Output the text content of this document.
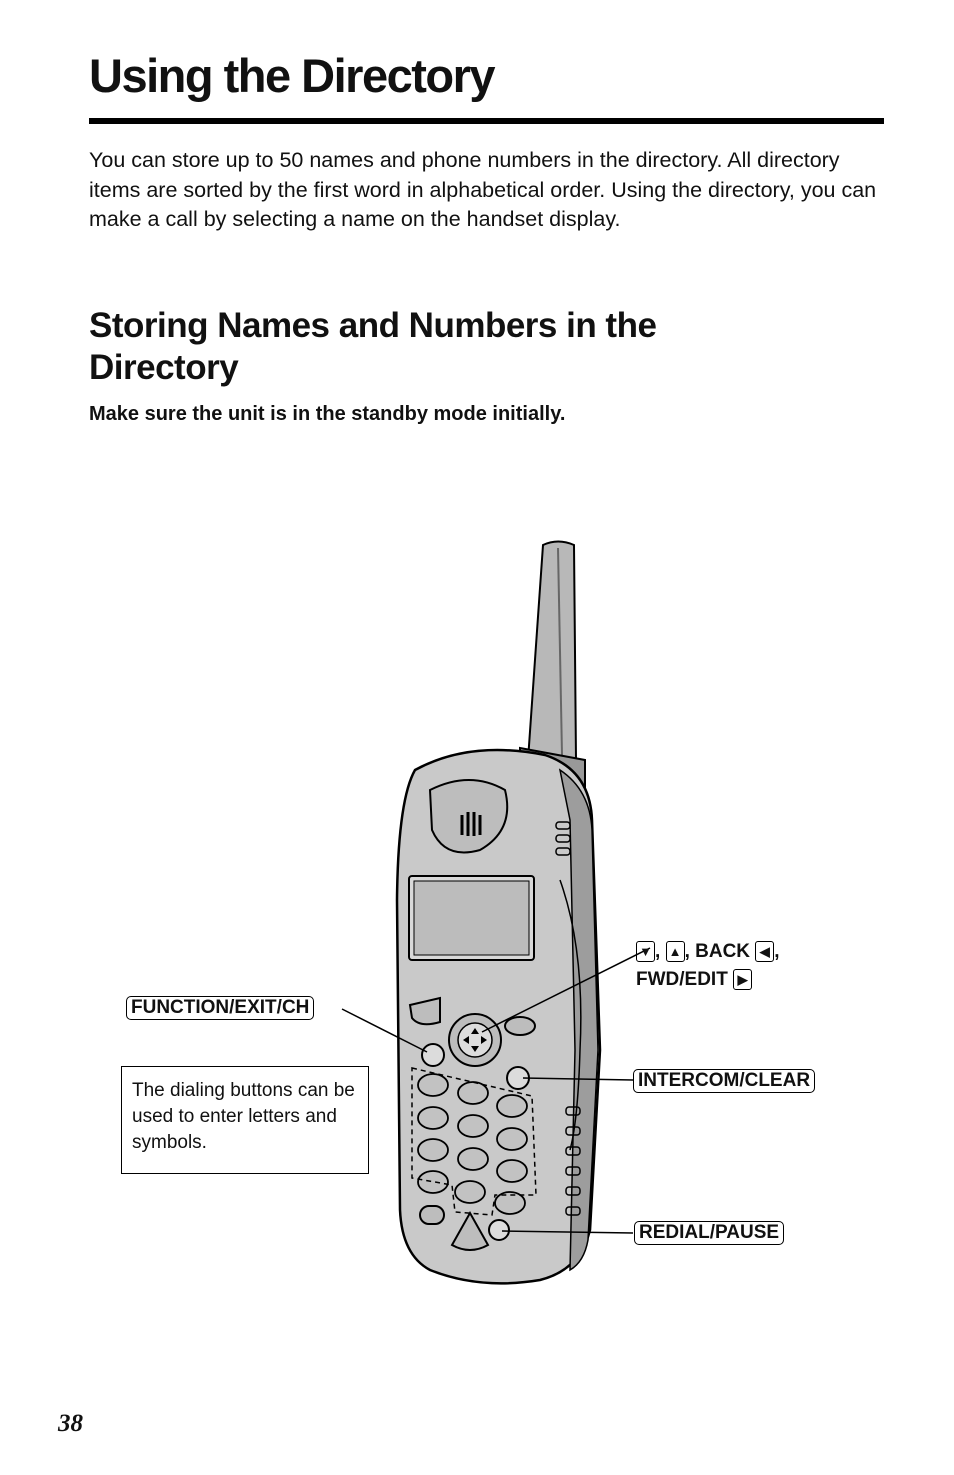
Using the Directory

You can store up to 50 names and phone numbers in the directory. All directory items are sorted by the first word in alphabetical order. Using the directory, you can make a call by selecting a name on the handset display.

Storing Names and Numbers in the Directory

Make sure the unit is in the standby mode initially.

FUNCTION/EXIT/CH
▼ , ▲ , BACK ◀ ,
FWD/EDIT ▶
INTERCOM/CLEAR
REDIAL/PAUSE
The dialing buttons can be used to enter letters and symbols.
38
